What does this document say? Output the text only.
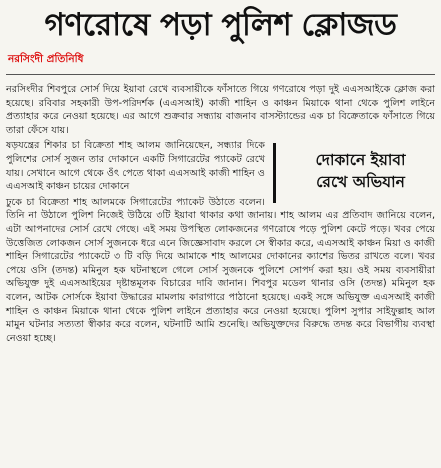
গণরোষে পড়া পুলিশ ক্লোজড
নরসিংদী প্রতিনিধি

নরসিংদীর শিবপুরে সোর্স দিয়ে ইয়াবা রেখে ব্যবসায়ীকে ফাঁসাতে গিয়ে গণরোষে পড়া দুই এএসআইকে ক্লোজ করা হয়েছে। রবিবার সহকারী উপ-পরিদর্শক (এএসআই) কাজী শাহিন ও কাঞ্চন মিয়াকে থানা থেকে পুলিশ লাইনে প্রত্যাহার করে নেওয়া হয়েছে। এর আগে শুক্রবার সন্ধ্যায় বাজনাব বাসস্ট্যান্ডের এক চা বিক্রেতাকে ফাঁসাতে গিয়ে তারা ফেঁসে যায়।

দোকানে ইয়াবা
রেখে অভিযান

ষড়যন্ত্রের শিকার চা বিক্রেতা শাহ আলম জানিয়েছেন, সন্ধ্যার দিকে পুলিশের সোর্স সুজন তার দোকানে একটি সিগারেটের প্যাকেট রেখে যায়। সেখানে আগে থেকে ওঁৎ পেতে থাকা এএসআই কাজী শাহিন ও এএসআই কাঞ্চন চায়ের দোকানে

ঢুকে চা বিক্রেতা শাহ আলমকে সিগারেটের প্যাকেট উঠাতে বলেন। তিনি না উঠালে পুলিশ নিজেই উঠিয়ে ৩টি ইয়াবা থাকার কথা জানায়। শাহ আলম এর প্রতিবাদ জানিয়ে বলেন, এটা আপনাদের সোর্স রেখে গেছে। এই সময় উপস্থিত লোকজনের গণরোষে পড়ে পুলিশ কেটে পড়ে। খবর পেয়ে উত্তেজিত লোকজন সোর্স সুজনকে ধরে এনে জিজ্ঞেসাবাদ করলে সে স্বীকার করে, এএসআই কাঞ্চন মিয়া ও কাজী শাহিন সিগারেটের প্যাকেটে ৩ টি বড়ি দিয়ে আমাকে শাহ আলমের দোকানের ক্যাশের ভিতর রাখতে বলে। খবর পেয়ে ওসি (তদন্ত) মমিনুল হক ঘটনাস্থলে গেলে সোর্স সুজনকে পুলিশে সোপর্দ করা হয়। ওই সময় ব্যবসায়ীরা অভিযুক্ত দুই এএসআইয়ের দৃষ্টান্তমূলক বিচারের দাবি জানান। শিবপুর মডেল থানার ওসি (তদন্ত) মমিনুল হক বলেন, আটক সোর্সকে ইয়াবা উদ্ধারের মামলায় কারাগারে পাঠানো হয়েছে। একই সঙ্গে অভিযুক্ত এএসআই কাজী শাহিন ও কাঞ্চন মিয়াকে থানা থেকে পুলিশ লাইনে প্রত্যাহার করে নেওয়া হয়েছে। পুলিশ সুপার সাইফুল্লাহ আল মামুন ঘটনার সত্যতা স্বীকার করে বলেন, ঘটনাটি আমি শুনেছি। অভিযুক্তদের বিরুদ্ধে তদন্ত করে বিভাগীয় ব্যবস্থা নেওয়া হচ্ছে।
